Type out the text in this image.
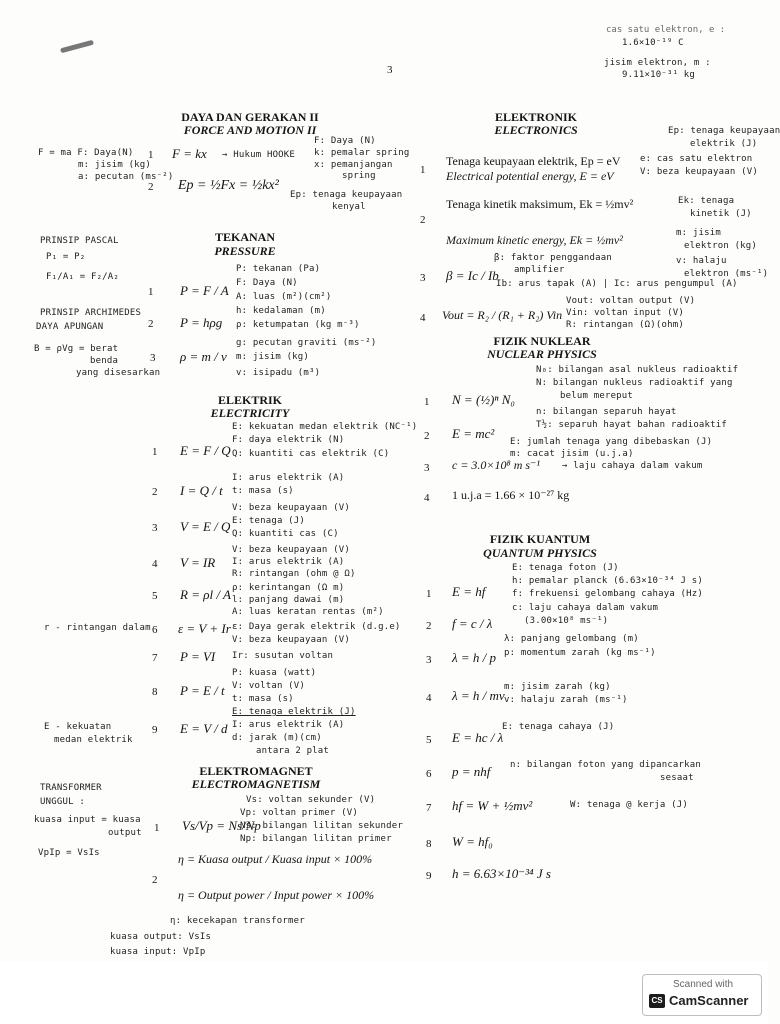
cas satu elektron, e :
1.6×10⁻¹⁹ C
jisim elektron, m :
9.11×10⁻³¹ kg
3
DAYA DAN GERAKAN II
FORCE AND MOTION II
1 F = kx → Hukum HOOKE
2 Ep = ½Fx = ½kx²
F = ma F: Daya(N)
m: jisim (kg)
a: pecutan (ms⁻²)
F: Daya (N)
k: pemalar spring
x: pemanjangan
spring
Ep: tenaga keupayaan
kenyal
TEKANAN
PRESSURE
1 P = F / A
2 P = hρg
3 ρ = m / v
PRINSIP PASCAL
P₁ = P₂
F₁/A₁ = F₂/A₂
PRINSIP ARCHIMEDES
DAYA APUNGAN
B = ρVg = berat
benda
yang disesarkan
P: tekanan (Pa)
F: Daya (N)
A: luas (m²)(cm²)
h: kedalaman (m)
ρ: ketumpatan (kg m⁻³)
g: pecutan graviti (ms⁻²)
m: jisim (kg)
v: isipadu (m³)
ELEKTRIK
ELECTRICITY
1 E = F / Q
2 I = Q / t
3 V = E / Q
4 V = IR
5 R = ρl / A
6 ε = V + Ir
7 P = VI
8 P = E / t
9 E = V / d
E: kekuatan medan elektrik (NC⁻¹)
F: daya elektrik (N)
Q: kuantiti cas elektrik (C)
I: arus elektrik (A)
t: masa (s)
V: beza keupayaan (V)
E: tenaga (J)
Q: kuantiti cas (C)
V: beza keupayaan (V)
I: arus elektrik (A)
R: rintangan (ohm @ Ω)
ρ: kerintangan (Ω m)
l: panjang dawai (m)
A: luas keratan rentas (m²)
ε: Daya gerak elektrik (d.g.e)
V: beza keupayaan (V)
Ir: susutan voltan
P: kuasa (watt)
V: voltan (V)
t: masa (s)
E: tenaga elektrik (J)
I: arus elektrik (A)
d: jarak (m)(cm)
antara 2 plat
r - rintangan dalam
E - kekuatan
medan elektrik
ELEKTROMAGNET
ELECTROMAGNETISM
1 Vs/Vp = Ns/Np
2
η = Kuasa output / Kuasa input × 100%
η = Output power / Input power × 100%
Vs: voltan sekunder (V)
Vp: voltan primer (V)
Ns: bilangan lilitan sekunder
Np: bilangan lilitan primer
η: kecekapan transformer
kuasa output: VsIs
kuasa input: VpIp
TRANSFORMER
UNGGUL :
kuasa input = kuasa
output
VpIp = VsIs
ELEKTRONIK
ELECTRONICS
1
Tenaga keupayaan elektrik, Ep = eV
Electrical potential energy, E = eV
2
Tenaga kinetik maksimum, Ek = ½mv²
Maximum kinetic energy, Ek = ½mv²
3 β = Ic / Ib
4 Vout = R₂ / (R₁ + R₂) Vin
Ep: tenaga keupayaan
elektrik (J)
e: cas satu elektron
V: beza keupayaan (V)
Ek: tenaga
kinetik (J)
m: jisim
elektron (kg)
v: halaju
elektron (ms⁻¹)
β: faktor penggandaan
amplifier
Ib: arus tapak (A) | Ic: arus pengumpul (A)
Vout: voltan output (V)
Vin: voltan input (V)
R: rintangan (Ω)(ohm)
FIZIK NUKLEAR
NUCLEAR PHYSICS
1 N = (½)ⁿ N₀
2 E = mc²
3 c = 3.0×10⁸ m s⁻¹
4 1 u.j.a = 1.66 × 10⁻²⁷ kg
N₀: bilangan asal nukleus radioaktif
N: bilangan nukleus radioaktif yang
belum mereput
n: bilangan separuh hayat
T½: separuh hayat bahan radioaktif
E: jumlah tenaga yang dibebaskan (J)
m: cacat jisim (u.j.a)
→ laju cahaya dalam vakum
FIZIK KUANTUM
QUANTUM PHYSICS
1 E = hf
2 f = c / λ
3 λ = h / p
4 λ = h / mv
5 E = hc / λ
6 p = nhf
7 hf = W + ½mv²
8 W = hf₀
9 h = 6.63×10⁻³⁴ J s
E: tenaga foton (J)
h: pemalar planck (6.63×10⁻³⁴ J s)
f: frekuensi gelombang cahaya (Hz)
c: laju cahaya dalam vakum
(3.00×10⁸ ms⁻¹)
λ: panjang gelombang (m)
p: momentum zarah (kg ms⁻¹)
m: jisim zarah (kg)
v: halaju zarah (ms⁻¹)
E: tenaga cahaya (J)
n: bilangan foton yang dipancarkan
sesaat
W: tenaga @ kerja (J)
Scanned with
CS CamScanner
